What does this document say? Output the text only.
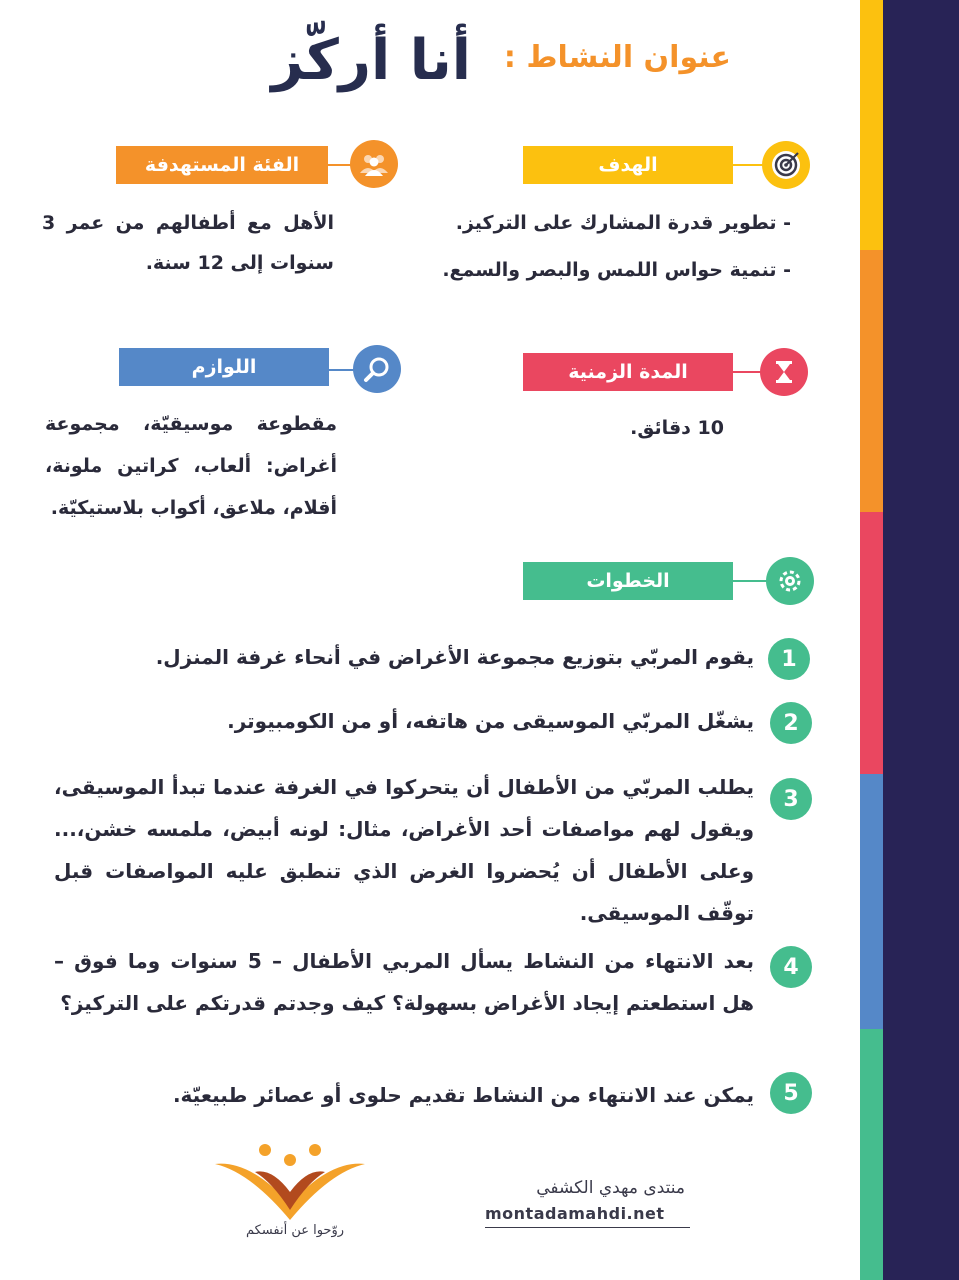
عنوان النشاط :
أنا أركّز
الهدف
- تطوير قدرة المشارك على التركيز.
- تنمية حواس اللمس والبصر والسمع.
الفئة المستهدفة
الأهل مع أطفالهم من عمر 3 سنوات إلى 12 سنة.
المدة الزمنية
10 دقائق.
اللوازم
مقطوعة موسيقيّة، مجموعة أغراض: ألعاب، كراتين ملونة، أقلام، ملاعق، أكواب بلاستيكيّة.
الخطوات
1
يقوم المربّي بتوزيع مجموعة الأغراض في أنحاء غرفة المنزل.
2
يشغّل المربّي الموسيقى من هاتفه، أو من الكومبيوتر.
3
يطلب المربّي من الأطفال أن يتحركوا في الغرفة عندما تبدأ الموسيقى، ويقول لهم مواصفات أحد الأغراض، مثال: لونه أبيض، ملمسه خشن،... وعلى الأطفال أن يُحضروا الغرض الذي تنطبق عليه المواصفات قبل توقّف الموسيقى.
4
بعد الانتهاء من النشاط يسأل المربي الأطفال – 5 سنوات وما فوق – هل استطعتم إيجاد الأغراض بسهولة؟ كيف وجدتم قدرتكم على التركيز؟
5
يمكن عند الانتهاء من النشاط تقديم حلوى أو عصائر طبيعيّة.
روّحوا عن أنفسكم
منتدى مهدي الكشفي
montadamahdi.net
